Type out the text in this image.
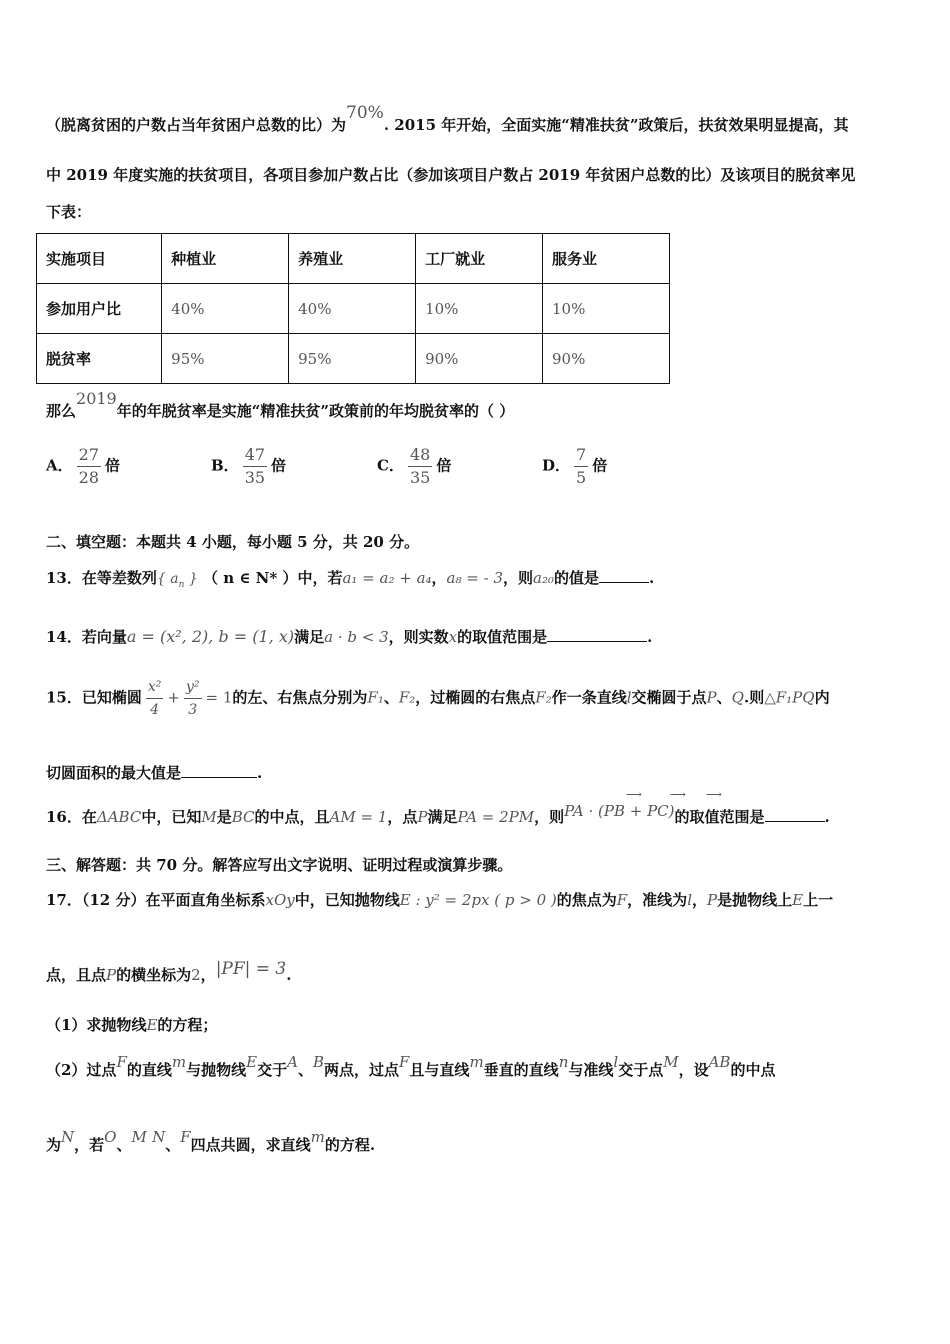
（脱离贫困的户数占当年贫困户总数的比）为70%. 2015 年开始，全面实施“精准扶贫”政策后，扶贫效果明显提高，其
中 2019 年度实施的扶贫项目，各项目参加户数占比（参加该项目户数占 2019 年贫困户总数的比）及该项目的脱贫率见
下表：
实施项目	种植业	养殖业	工厂就业	服务业
参加用户比	40%	40%	10%	10%
脱贫率	95%	95%	90%	90%
那么2019年的年脱贫率是实施“精准扶贫”政策前的年均脱贫率的（ ）
A． $\frac{27}{28}$ 倍	B． $\frac{47}{35}$ 倍	C． $\frac{48}{35}$ 倍	D． $\frac{7}{5}$ 倍
二、填空题：本题共 4 小题，每小题 5 分，共 20 分。
13．在等差数列{ $a_n$ } （ n ∈ N* ）中，若a₁ = a₂ + a₄，a₈ = - 3，则a₂₀的值是	.
14．若向量a = (x², 2), b = (1, x)满足a · b < 3，则实数x的取值范围是	.
15．已知椭圆 $\frac{\text{x²}}{4} + \frac{\text{y²}}{3} = 1$的左、右焦点分别为F₁、F₂，过椭圆的右焦点F₂作一条直线l交椭圆于点P、Q.则△F₁PQ内
切圆面积的最大值是	.
16．在ΔABC中，已知M是BC的中点，且AM = 1，点P满足PA = 2PM，则PA · (PB + PC)的取值范围是	.
⟶	⟶ ⟶
三、解答题：共 70 分。解答应写出文字说明、证明过程或演算步骤。
17．（12 分）在平面直角坐标系xOy中，已知抛物线E : y² = 2px ( p > 0 )的焦点为F，准线为l，P是抛物线上E上一
点，且点P的横坐标为2，|PF| = 3.
（1）求抛物线E的方程；
（2）过点F的直线m与抛物线E交于A、B两点，过点F且与直线m垂直的直线n与准线l交于点M，设AB的中点
为N，若O、M N、F四点共圆，求直线m的方程.
